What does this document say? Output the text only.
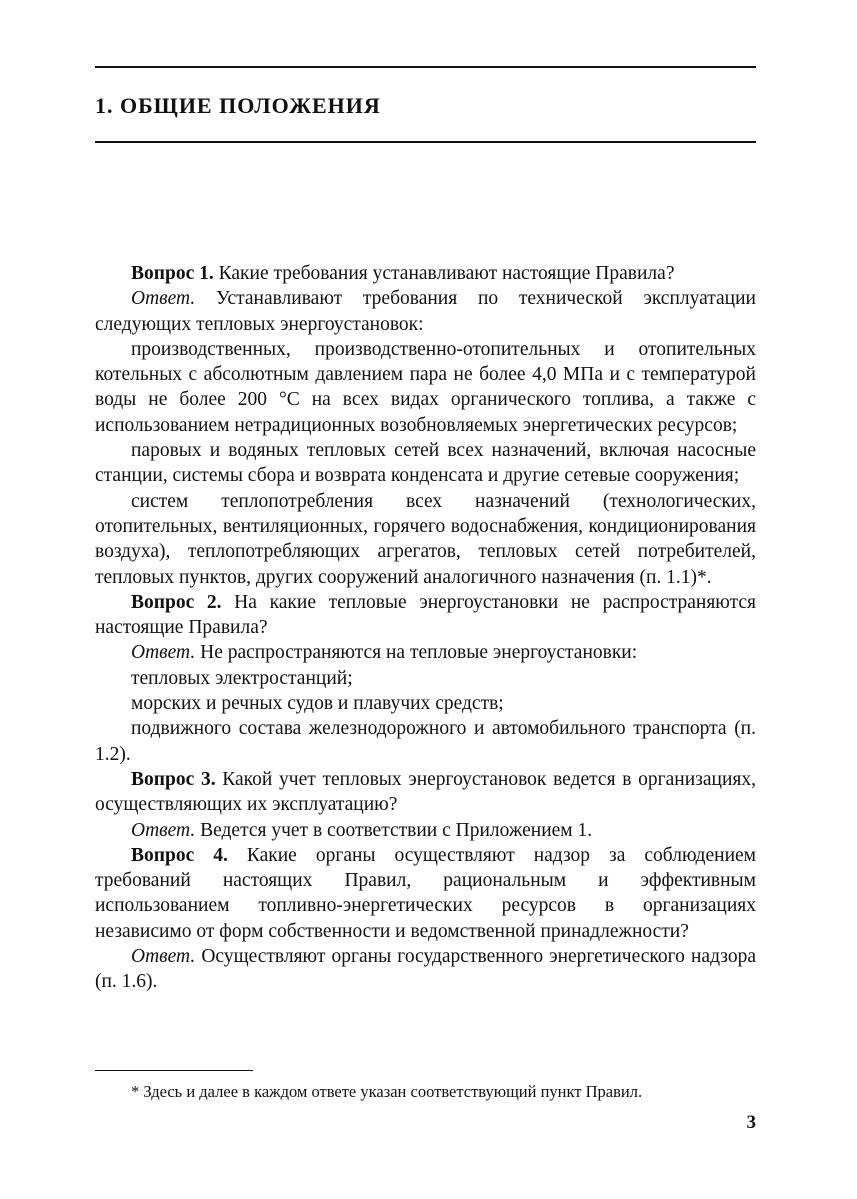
1. ОБЩИЕ ПОЛОЖЕНИЯ

Вопрос 1. Какие требования устанавливают настоящие Правила?

Ответ. Устанавливают требования по технической эксплуатации следующих тепловых энергоустановок:

производственных, производственно-отопительных и отопительных котельных с абсолютным давлением пара не более 4,0 МПа и с температурой воды не более 200 °С на всех видах органического топлива, а также с использованием нетрадиционных возобновляемых энергетических ресурсов;

паровых и водяных тепловых сетей всех назначений, включая насосные станции, системы сбора и возврата конденсата и другие сетевые сооружения;

систем теплопотребления всех назначений (технологических, отопительных, вентиляционных, горячего водоснабжения, кондиционирования воздуха), теплопотребляющих агрегатов, тепловых сетей потребителей, тепловых пунктов, других сооружений аналогичного назначения (п. 1.1)*.

Вопрос 2. На какие тепловые энергоустановки не распространяются настоящие Правила?

Ответ. Не распространяются на тепловые энергоустановки:

тепловых электростанций;

морских и речных судов и плавучих средств;

подвижного состава железнодорожного и автомобильного транспорта (п. 1.2).

Вопрос 3. Какой учет тепловых энергоустановок ведется в организациях, осуществляющих их эксплуатацию?

Ответ. Ведется учет в соответствии с Приложением 1.

Вопрос 4. Какие органы осуществляют надзор за соблюдением требований настоящих Правил, рациональным и эффективным использованием топливно-энергетических ресурсов в организациях независимо от форм собственности и ведомственной принадлежности?

Ответ. Осуществляют органы государственного энергетического надзора (п. 1.6).

* Здесь и далее в каждом ответе указан соответствующий пункт Правил.

3
